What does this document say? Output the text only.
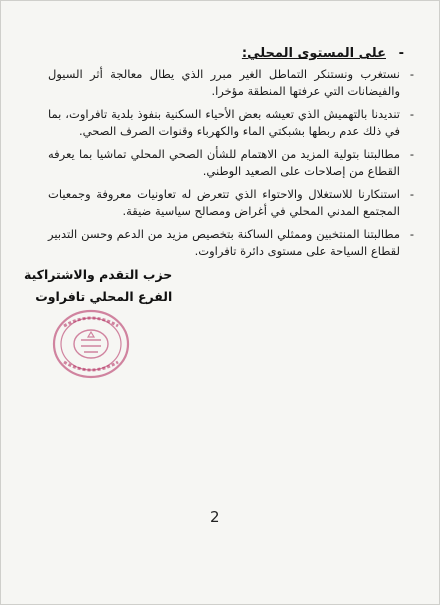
على المستوى المحلي: -
-
نستغرب ونستنكر التماطل الغير مبرر الذي يطال معالجة أثر السيول والفيضانات التي عرفتها المنطقة مؤخرا.
-
تنديدنا بالتهميش الذي تعيشه بعض الأحياء السكنية بنفوذ بلدية تافراوت، بما في ذلك عدم ربطها بشبكتي الماء والكهرباء وقنوات الصرف الصحي.
-
مطالبتنا بتولية المزيد من الاهتمام للشأن الصحي المحلي تماشيا بما يعرفه القطاع من إصلاحات على الصعيد الوطني.
-
استنكارنا للاستغلال والاحتواء الذي تتعرض له تعاونيات معروفة وجمعيات المجتمع المدني المحلي في أغراض ومصالح سياسية ضيقة.
-
مطالبتنا المنتخبين وممثلي الساكنة بتخصيص مزيد من الدعم وحسن التدبير لقطاع السياحة على مستوى دائرة تافراوت.
حزب التقدم والاشتراكية
الفرع المحلي تافراوت
2
